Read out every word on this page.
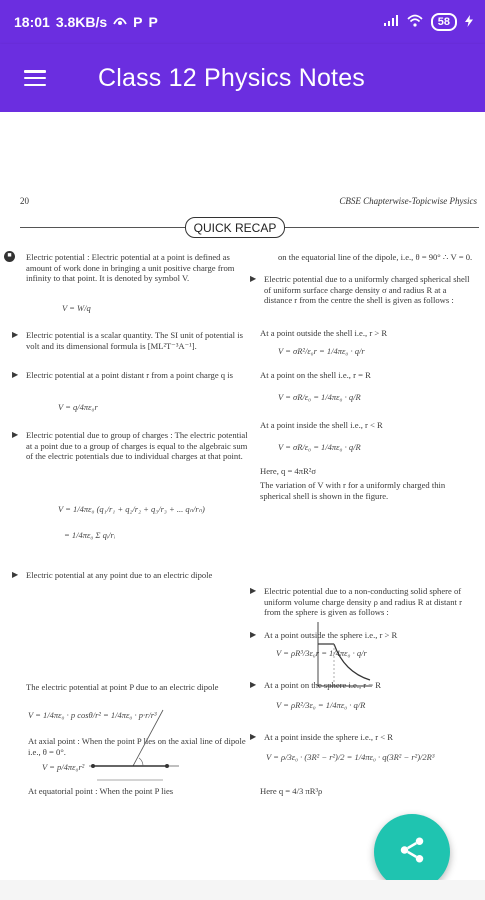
18:01 3.8KB/s P P	58
Class 12 Physics Notes
20	CBSE Chapterwise-Topicwise Physics
QUICK RECAP
■	Electric potential : Electric potential at a point is defined as amount of work done in bringing a unit positive charge from infinity to that point. It is denoted by symbol V.
V = W/q
▶ Electric potential is a scalar quantity. The SI unit of potential is volt and its dimensional formula is [ML²T⁻³A⁻¹].
▶ Electric potential at a point distant r from a point charge q is
V = q/4πε₀r
▶ Electric potential due to group of charges : The electric potential at a point due to a group of charges is equal to the algebraic sum of the electric potentials due to individual charges at that point.
V = 1/4πε₀ (q₁/r₁ + q₂/r₂ + q₃/r₃ + ... qₙ/rₙ)
= 1/4πε₀ Σ qᵢ/rᵢ
▶ Electric potential at any point due to an electric dipole
The electric potential at point P due to an electric dipole
V = 1/4πε₀ · p cosθ/r² = 1/4πε₀ · p·r/r³
At axial point : When the point P lies on the axial line of dipole i.e., θ = 0°.
V = p/4πε₀r²
At equatorial point : When the point P lies
on the equatorial line of the dipole, i.e., θ = 90° ∴ V = 0.
▶ Electric potential due to a uniformly charged spherical shell of uniform surface charge density σ and radius R at a distance r from the centre the shell is given as follows :
At a point outside the shell i.e., r > R
V = σR²/ε₀r = 1/4πε₀ · q/r
At a point on the shell i.e., r = R
V = σR/ε₀ = 1/4πε₀ · q/R
At a point inside the shell i.e., r < R
V = σR/ε₀ = 1/4πε₀ · q/R
Here, q = 4πR²σ
The variation of V with r for a uniformly charged thin spherical shell is shown in the figure.
▶ Electric potential due to a non-conducting solid sphere of uniform volume charge density ρ and radius R at distant r from the sphere is given as follows :
▶ At a point outside the sphere i.e., r > R
V = ρR³/3ε₀r = 1/4πε₀ · q/r
▶ At a point on the sphere i.e., r = R
V = ρR²/3ε₀ = 1/4πε₀ · q/R
▶ At a point inside the sphere i.e., r < R
V = ρ/3ε₀ · (3R² − r²)/2 = 1/4πε₀ · q(3R² − r²)/2R³
Here q = 4/3 πR³ρ
